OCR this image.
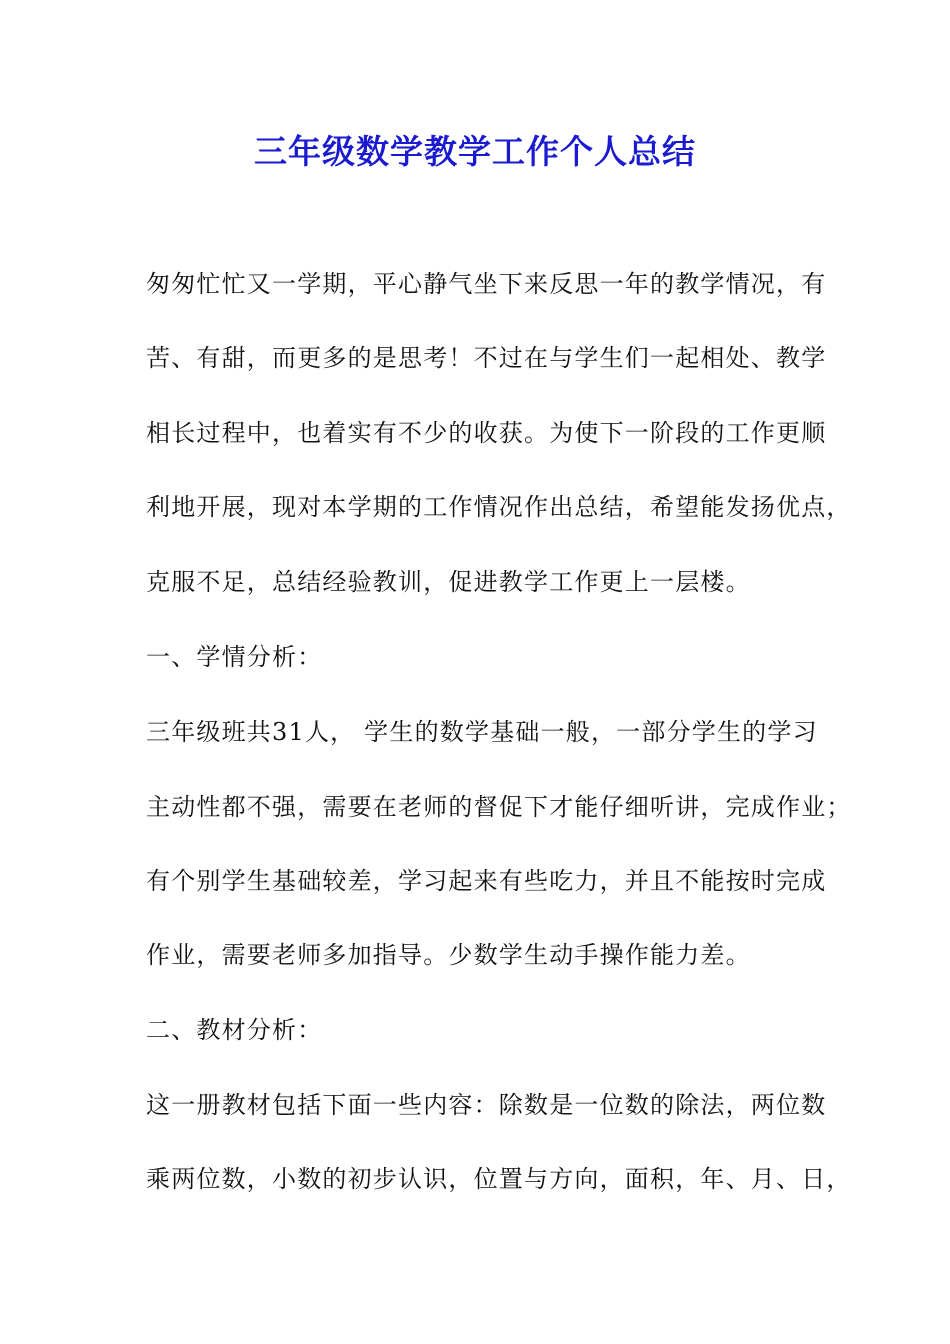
三年级数学教学工作个人总结
匆匆忙忙又一学期，平心静气坐下来反思一年的教学情况，有
苦、有甜，而更多的是思考！不过在与学生们一起相处、教学
相长过程中，也着实有不少的收获。为使下一阶段的工作更顺
利地开展，现对本学期的工作情况作出总结，希望能发扬优点，
克服不足，总结经验教训，促进教学工作更上一层楼。
一、学情分析：
三年级班共31人， 学生的数学基础一般，一部分学生的学习
主动性都不强，需要在老师的督促下才能仔细听讲，完成作业；
有个别学生基础较差，学习起来有些吃力，并且不能按时完成
作业，需要老师多加指导。少数学生动手操作能力差。
二、教材分析：
这一册教材包括下面一些内容：除数是一位数的除法，两位数
乘两位数，小数的初步认识，位置与方向，面积，年、月、日，
